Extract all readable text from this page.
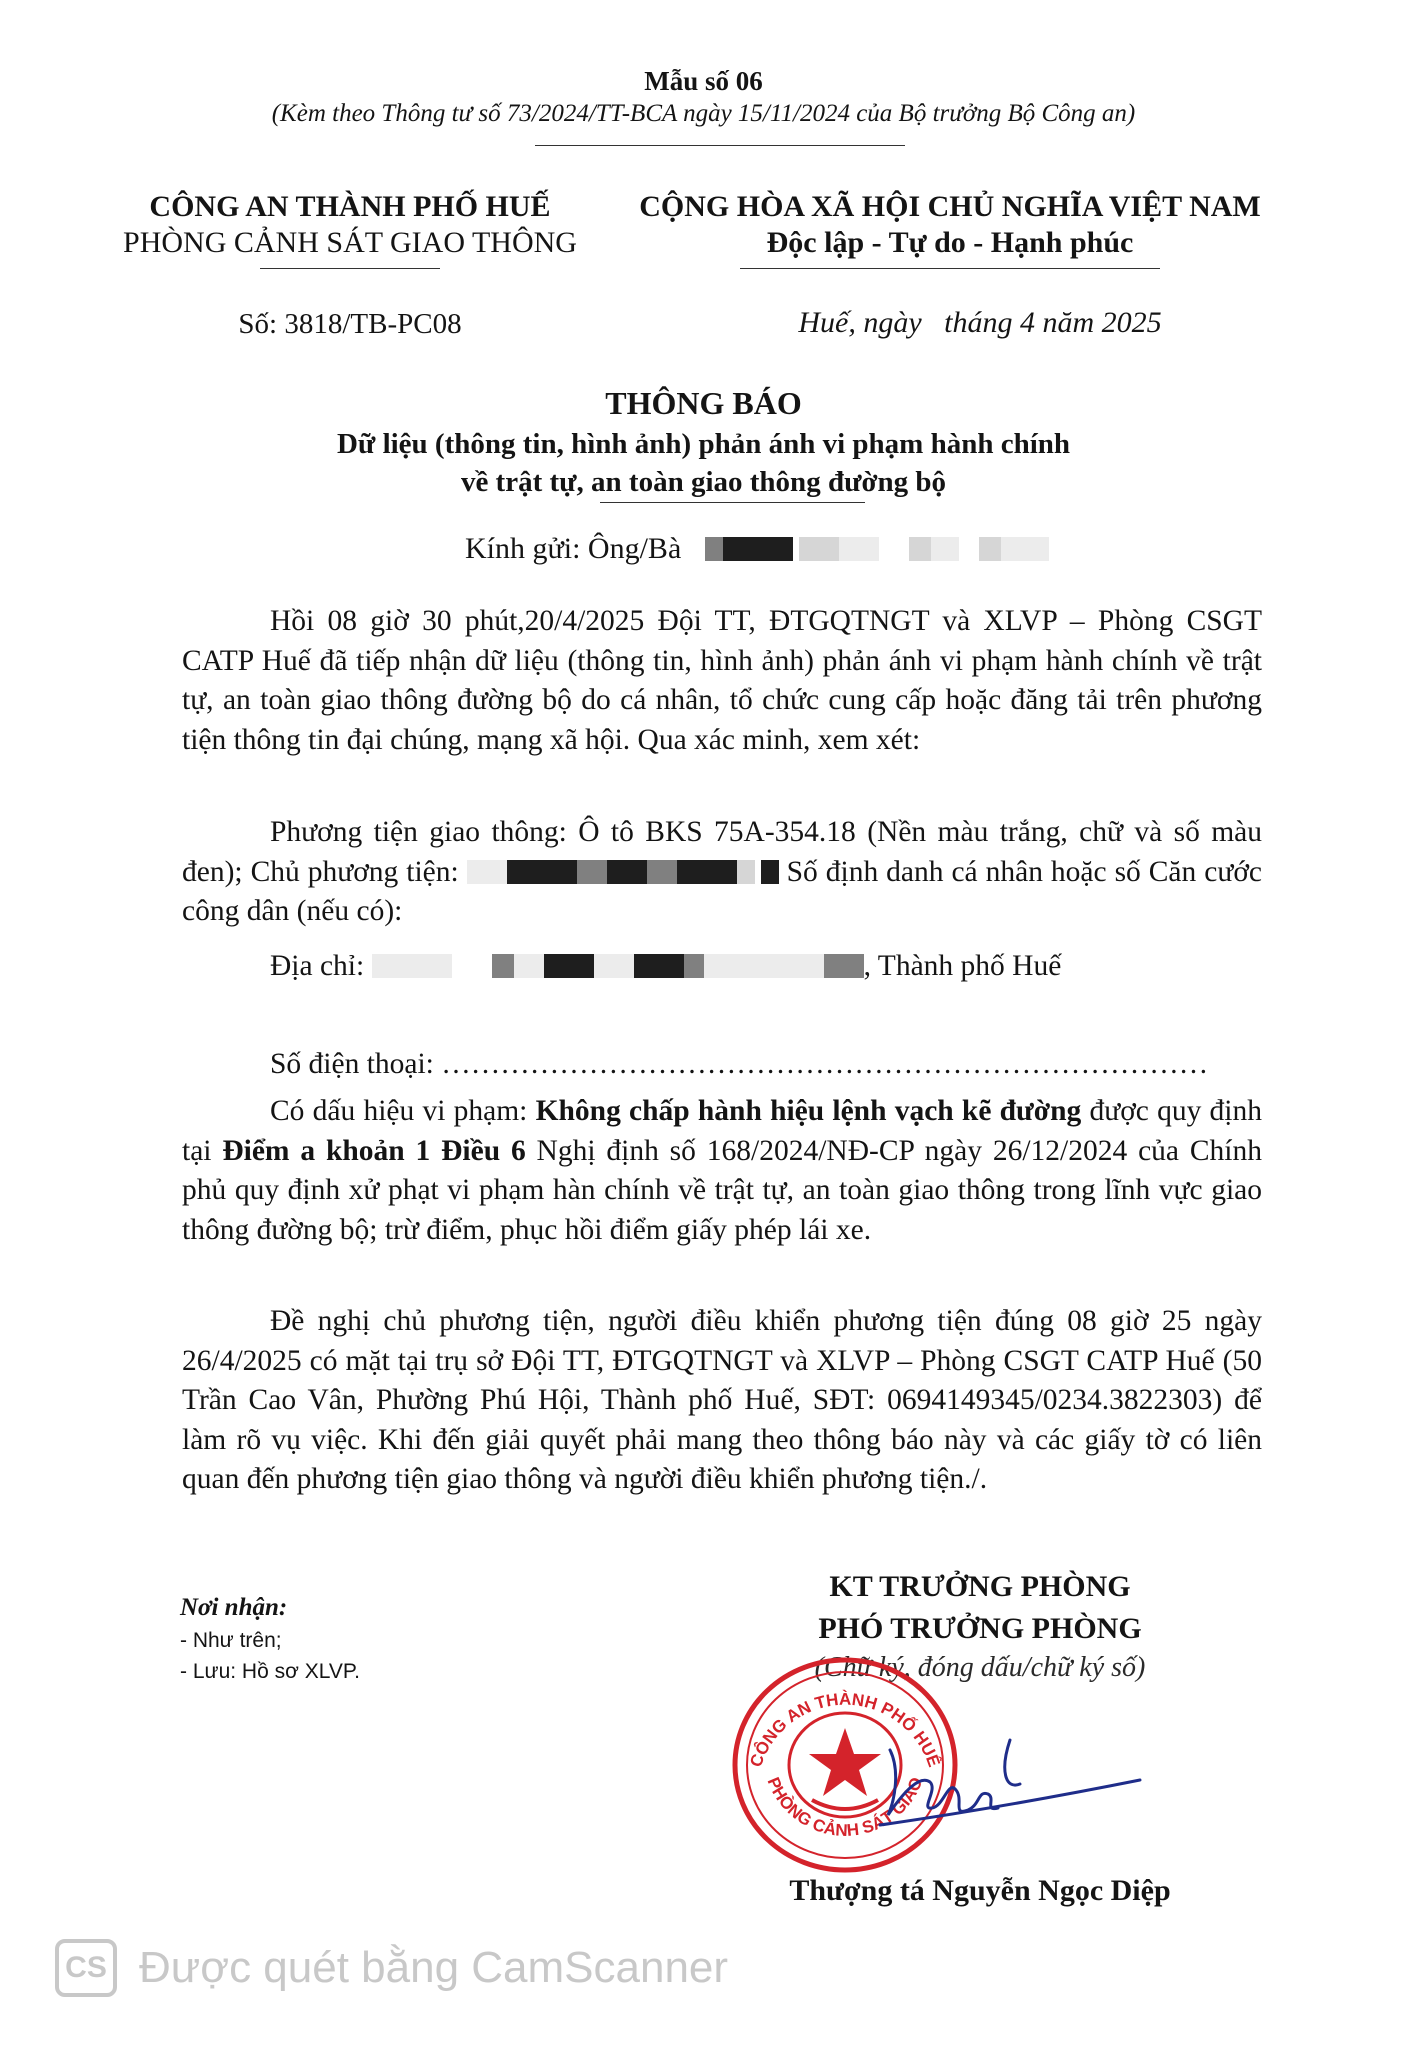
Mẫu số 06
(Kèm theo Thông tư số 73/2024/TT-BCA ngày 15/11/2024 của Bộ trưởng Bộ Công an)
CÔNG AN THÀNH PHỐ HUẾ
PHÒNG CẢNH SÁT GIAO THÔNG
CỘNG HÒA XÃ HỘI CHỦ NGHĨA VIỆT NAM
Độc lập - Tự do - Hạnh phúc
Số: 3818/TB-PC08	Huế, ngày   tháng 4 năm 2025
THÔNG BÁO
Dữ liệu (thông tin, hình ảnh) phản ánh vi phạm hành chính
về trật tự, an toàn giao thông đường bộ
Kính gửi: Ông/Bà
Hồi 08 giờ 30 phút,20/4/2025 Đội TT, ĐTGQTNGT và XLVP – Phòng CSGT CATP Huế đã tiếp nhận dữ liệu (thông tin, hình ảnh) phản ánh vi phạm hành chính về trật tự, an toàn giao thông đường bộ do cá nhân, tổ chức cung cấp hoặc đăng tải trên phương tiện thông tin đại chúng, mạng xã hội. Qua xác minh, xem xét:
Phương tiện giao thông: Ô tô BKS 75A-354.18 (Nền màu trắng, chữ và số màu đen); Chủ phương tiện:	Số định danh cá nhân hoặc số Căn cước công dân (nếu có):
Địa chỉ:	, Thành phố Huế
Số điện thoại: ……………………………………………………………………
Có dấu hiệu vi phạm: Không chấp hành hiệu lệnh vạch kẽ đường được quy định tại Điểm a khoản 1 Điều 6 Nghị định số 168/2024/NĐ-CP ngày 26/12/2024 của Chính phủ quy định xử phạt vi phạm hàn chính về trật tự, an toàn giao thông trong lĩnh vực giao thông đường bộ; trừ điểm, phục hồi điểm giấy phép lái xe.
Đề nghị chủ phương tiện, người điều khiển phương tiện đúng 08 giờ 25 ngày 26/4/2025 có mặt tại trụ sở Đội TT, ĐTGQTNGT và XLVP – Phòng CSGT CATP Huế (50 Trần Cao Vân, Phường Phú Hội, Thành phố Huế, SĐT: 0694149345/0234.3822303) để làm rõ vụ việc. Khi đến giải quyết phải mang theo thông báo này và các giấy tờ có liên quan đến phương tiện giao thông và người điều khiển phương tiện./.
Nơi nhận:
- Như trên;
- Lưu: Hồ sơ XLVP.
KT TRƯỞNG PHÒNG
PHÓ TRƯỞNG PHÒNG
(Chữ ký, đóng dấu/chữ ký số)
CÔNG AN THÀNH PHỐ HUẾ
PHÒNG CẢNH SÁT GIAO
Thượng tá Nguyễn Ngọc Diệp
CS Được quét bằng CamScanner
